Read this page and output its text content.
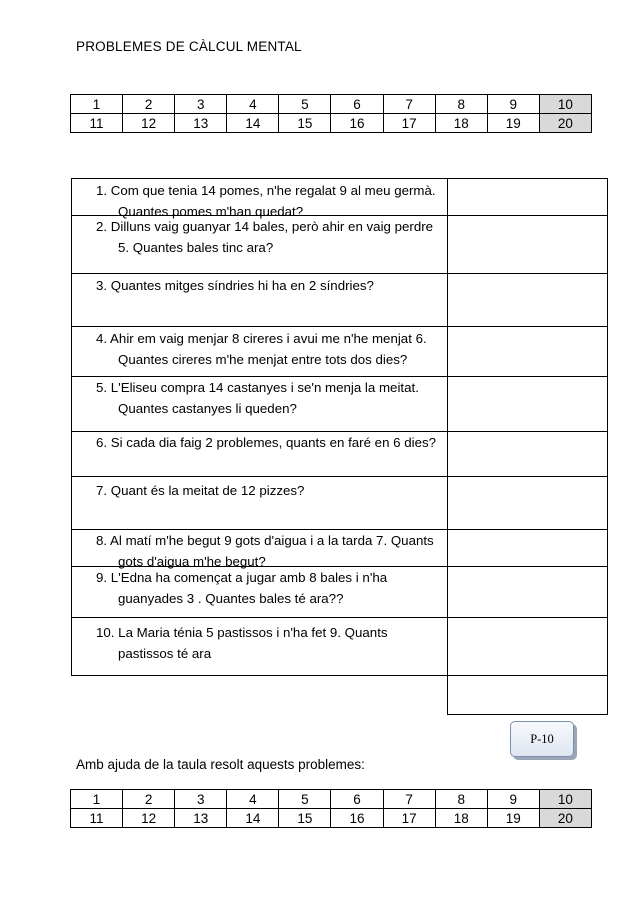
PROBLEMES DE CÀLCUL MENTAL
1	2	3	4	5	6	7	8	9	10
11	12	13	14	15	16	17	18	19	20
1. Com que tenia 14 pomes, n'he regalat 9 al meu germà. Quantes pomes m'han quedat?
2. Dilluns vaig guanyar 14 bales, però ahir en vaig perdre 5. Quantes bales tinc ara?
3. Quantes mitges síndries hi ha en 2 síndries?
4. Ahir em vaig menjar 8 cireres i avui me n'he menjat 6. Quantes cireres m'he menjat entre tots dos dies?
5. L'Eliseu compra 14 castanyes i se'n menja la meitat. Quantes castanyes li queden?
6. Si cada dia faig 2 problemes, quants en faré en 6 dies?
7. Quant és la meitat de 12 pizzes?
8. Al matí m'he begut 9 gots d'aigua i a la tarda 7. Quants gots d'aigua m'he begut?
9. L'Edna ha començat a jugar amb 8 bales i n'ha guanyades 3 . Quantes bales té ara??
10. La Maria ténia 5 pastissos i n'ha fet 9. Quants pastissos té ara
P-10
Amb ajuda de la taula resolt aquests problemes:
1	2	3	4	5	6	7	8	9	10
11	12	13	14	15	16	17	18	19	20
